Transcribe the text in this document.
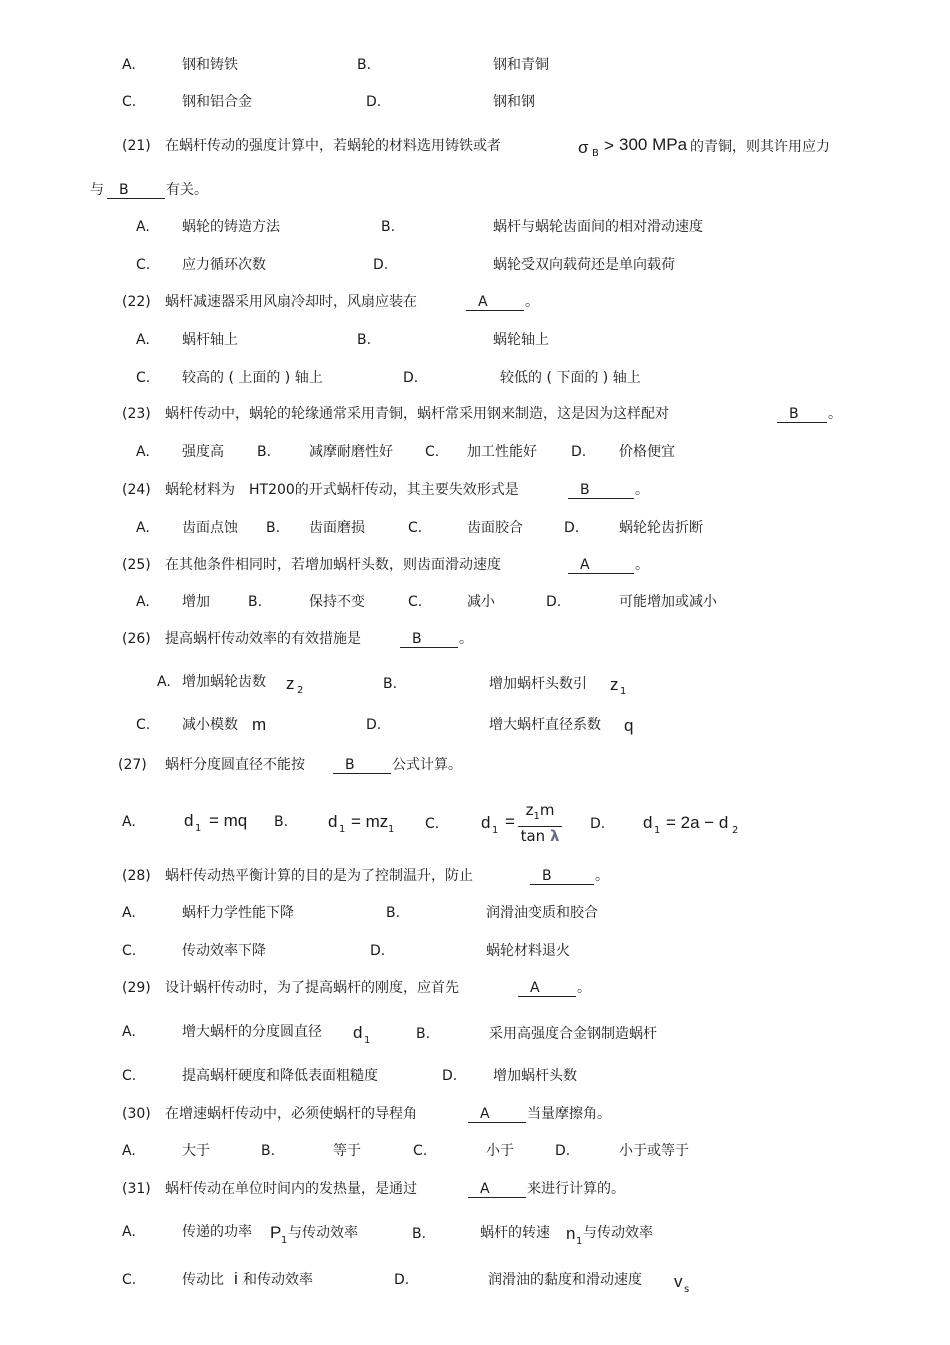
A.	钢和铸铁	B.	钢和青铜
C.	钢和铝合金	D.	钢和钢
(21) 在蜗杆传动的强度计算中，若蜗轮的材料选用铸铁或者	σ B > 300 MPa 的青铜，则其许用应力
与	B	有关。
A. 蜗轮的铸造方法	B.	蜗杆与蜗轮齿面间的相对滑动速度
C. 应力循环次数	D.	蜗轮受双向载荷还是单向载荷
(22) 蜗杆减速器采用风扇冷却时，风扇应装在	A	。
A. 蜗杆轴上	B.	蜗轮轴上
C. 较高的 ( 上面的 ) 轴上	D.	较低的 ( 下面的 ) 轴上
(23) 蜗杆传动中，蜗轮的轮缘通常采用青铜，蜗杆常采用钢来制造，这是因为这样配对	B	。
A. 强度高 B.	减摩耐磨性好 C. 加工性能好 D. 价格便宜
(24) 蜗轮材料为　HT200的开式蜗杆传动，其主要失效形式是	B	。
A. 齿面点蚀 B. 齿面磨损	C.	齿面胶合	D.	蜗轮轮齿折断
(25) 在其他条件相同时，若增加蜗杆头数，则齿面滑动速度	A	。
A. 增加	B.	保持不变	C.	减小	D.	可能增加或减小
(26) 提高蜗杆传动效率的有效措施是	B	。
A. 增加蜗轮齿数 z 2	B.	增加蜗杆头数引 z 1
C. 减小模数 m	D.	增大蜗杆直径系数 q
(27) 蜗杆分度圆直径不能按	B	公式计算。
A.	d 1 = mq B. d 1 = mz 1 C. d $1 = \frac{z_1m}{\text{tan λ}} D$. d 1 = 2a − d 2
(28) 蜗杆传动热平衡计算的目的是为了控制温升，防止	B	。
A.	蜗杆力学性能下降	B.	润滑油变质和胶合
C.	传动效率下降	D.	蜗轮材料退火
(29) 设计蜗杆传动时，为了提高蜗杆的刚度，应首先	A	。
A.	增大蜗杆的分度圆直径 d 1	B.	采用高强度合金钢制造蜗杆
C.	提高蜗杆硬度和降低表面粗糙度	D.	增加蜗杆头数
(30) 在增速蜗杆传动中，必须使蜗杆的导程角	A	当量摩擦角。
A.	大于	B.	等于	C.	小于	D.	小于或等于
(31) 蜗杆传动在单位时间内的发热量，是通过	A	来进行计算的。
A.	传递的功率 P 1 与传动效率	B.	蜗杆的转速 n 1
与传动效率
C.	传动比 i 和传动效率	D.	润滑油的黏度和滑动速度 v s
